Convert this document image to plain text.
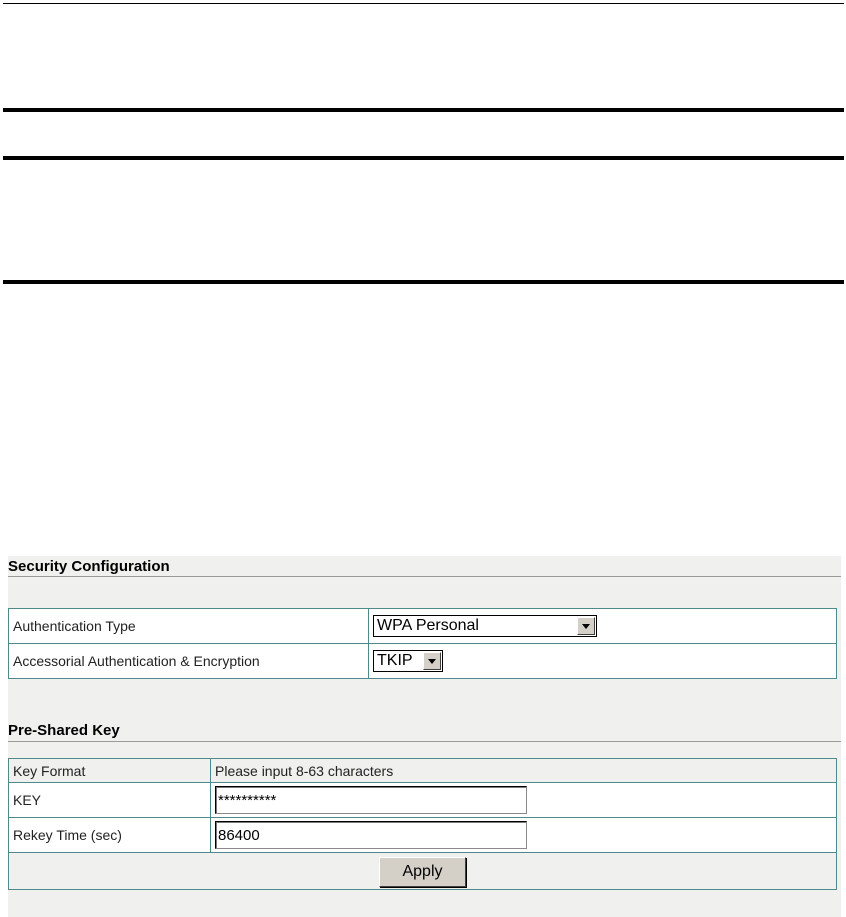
Security Configuration
Authentication Type	WPA Personal

Accessorial Authentication & Encryption	TKIP
Pre-Shared Key
Key Format	Please input 8-63 characters
KEY	**********
Rekey Time (sec)	86400
Apply	
